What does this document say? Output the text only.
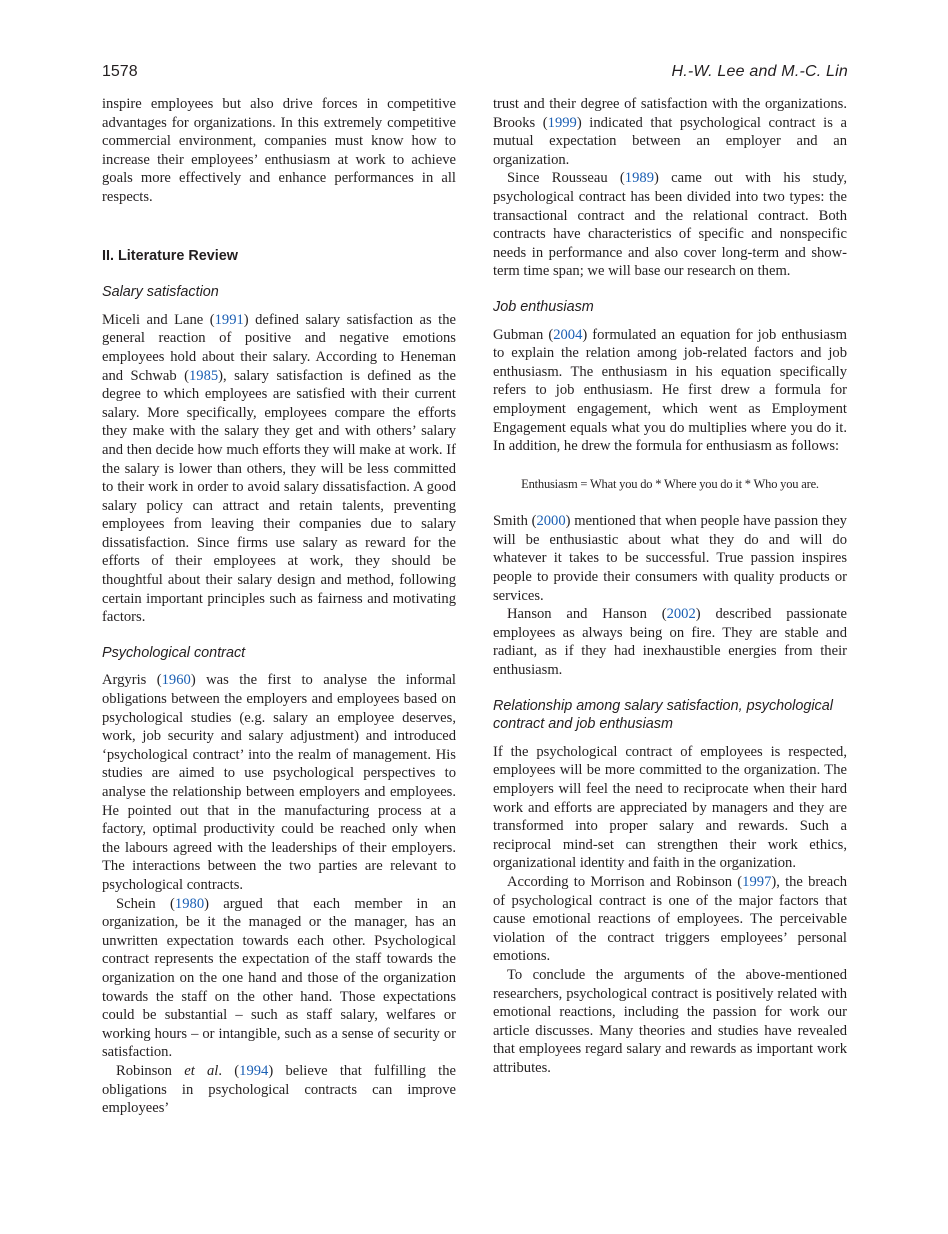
1578	H.-W. Lee and M.-C. Lin

inspire employees but also drive forces in competitive advantages for organizations. In this extremely competitive commercial environment, companies must know how to increase their employees’ enthusiasm at work to achieve goals more effectively and enhance performances in all respects.

II. Literature Review
Salary satisfaction

Miceli and Lane (1991) defined salary satisfaction as the general reaction of positive and negative emotions employees hold about their salary. According to Heneman and Schwab (1985), salary satisfaction is defined as the degree to which employees are satisfied with their current salary. More specifically, employees compare the efforts they make with the salary they get and with others’ salary and then decide how much efforts they will make at work. If the salary is lower than others, they will be less committed to their work in order to avoid salary dissatisfaction. A good salary policy can attract and retain talents, preventing employees from leaving their companies due to salary dissatisfaction. Since firms use salary as reward for the efforts of their employees at work, they should be thoughtful about their salary design and method, following certain important principles such as fairness and motivating factors.

Psychological contract

Argyris (1960) was the first to analyse the informal obligations between the employers and employees based on psychological studies (e.g. salary an employee deserves, work, job security and salary adjustment) and introduced ‘psychological contract’ into the realm of management. His studies are aimed to use psychological perspectives to analyse the relationship between employers and employees. He pointed out that in the manufacturing process at a factory, optimal productivity could be reached only when the labours agreed with the leaderships of their employers. The interactions between the two parties are relevant to psychological contracts.

Schein (1980) argued that each member in an organization, be it the managed or the manager, has an unwritten expectation towards each other. Psychological contract represents the expectation of the staff towards the organization on the one hand and those of the organization towards the staff on the other hand. Those expectations could be substantial – such as staff salary, welfares or working hours – or intangible, such as a sense of security or satisfaction.

Robinson et al. (1994) believe that fulfilling the obligations in psychological contracts can improve employees’

trust and their degree of satisfaction with the organizations. Brooks (1999) indicated that psychological contract is a mutual expectation between an employer and an organization.

Since Rousseau (1989) came out with his study, psychological contract has been divided into two types: the transactional contract and the relational contract. Both contracts have characteristics of specific and nonspecific needs in performance and also cover long-term and show-term time span; we will base our research on them.

Job enthusiasm

Gubman (2004) formulated an equation for job enthusiasm to explain the relation among job-related factors and job enthusiasm. The enthusiasm in his equation specifically refers to job enthusiasm. He first drew a formula for employment engagement, which went as Employment Engagement equals what you do multiplies where you do it. In addition, he drew the formula for enthusiasm as follows:

Enthusiasm = What you do * Where you do it * Who you are.

Smith (2000) mentioned that when people have passion they will be enthusiastic about what they do and will do whatever it takes to be successful. True passion inspires people to provide their consumers with quality products or services.

Hanson and Hanson (2002) described passionate employees as always being on fire. They are stable and radiant, as if they had inexhaustible energies from their enthusiasm.

Relationship among salary satisfaction, psychological contract and job enthusiasm

If the psychological contract of employees is respected, employees will be more committed to the organization. The employers will feel the need to reciprocate when their hard work and efforts are appreciated by managers and they are transformed into proper salary and rewards. Such a reciprocal mind-set can strengthen their work ethics, organizational identity and faith in the organization.

According to Morrison and Robinson (1997), the breach of psychological contract is one of the major factors that cause emotional reactions of employees. The perceivable violation of the contract triggers employees’ personal emotions.

To conclude the arguments of the above-mentioned researchers, psychological contract is positively related with emotional reactions, including the passion for work our article discusses. Many theories and studies have revealed that employees regard salary and rewards as important work attributes.
